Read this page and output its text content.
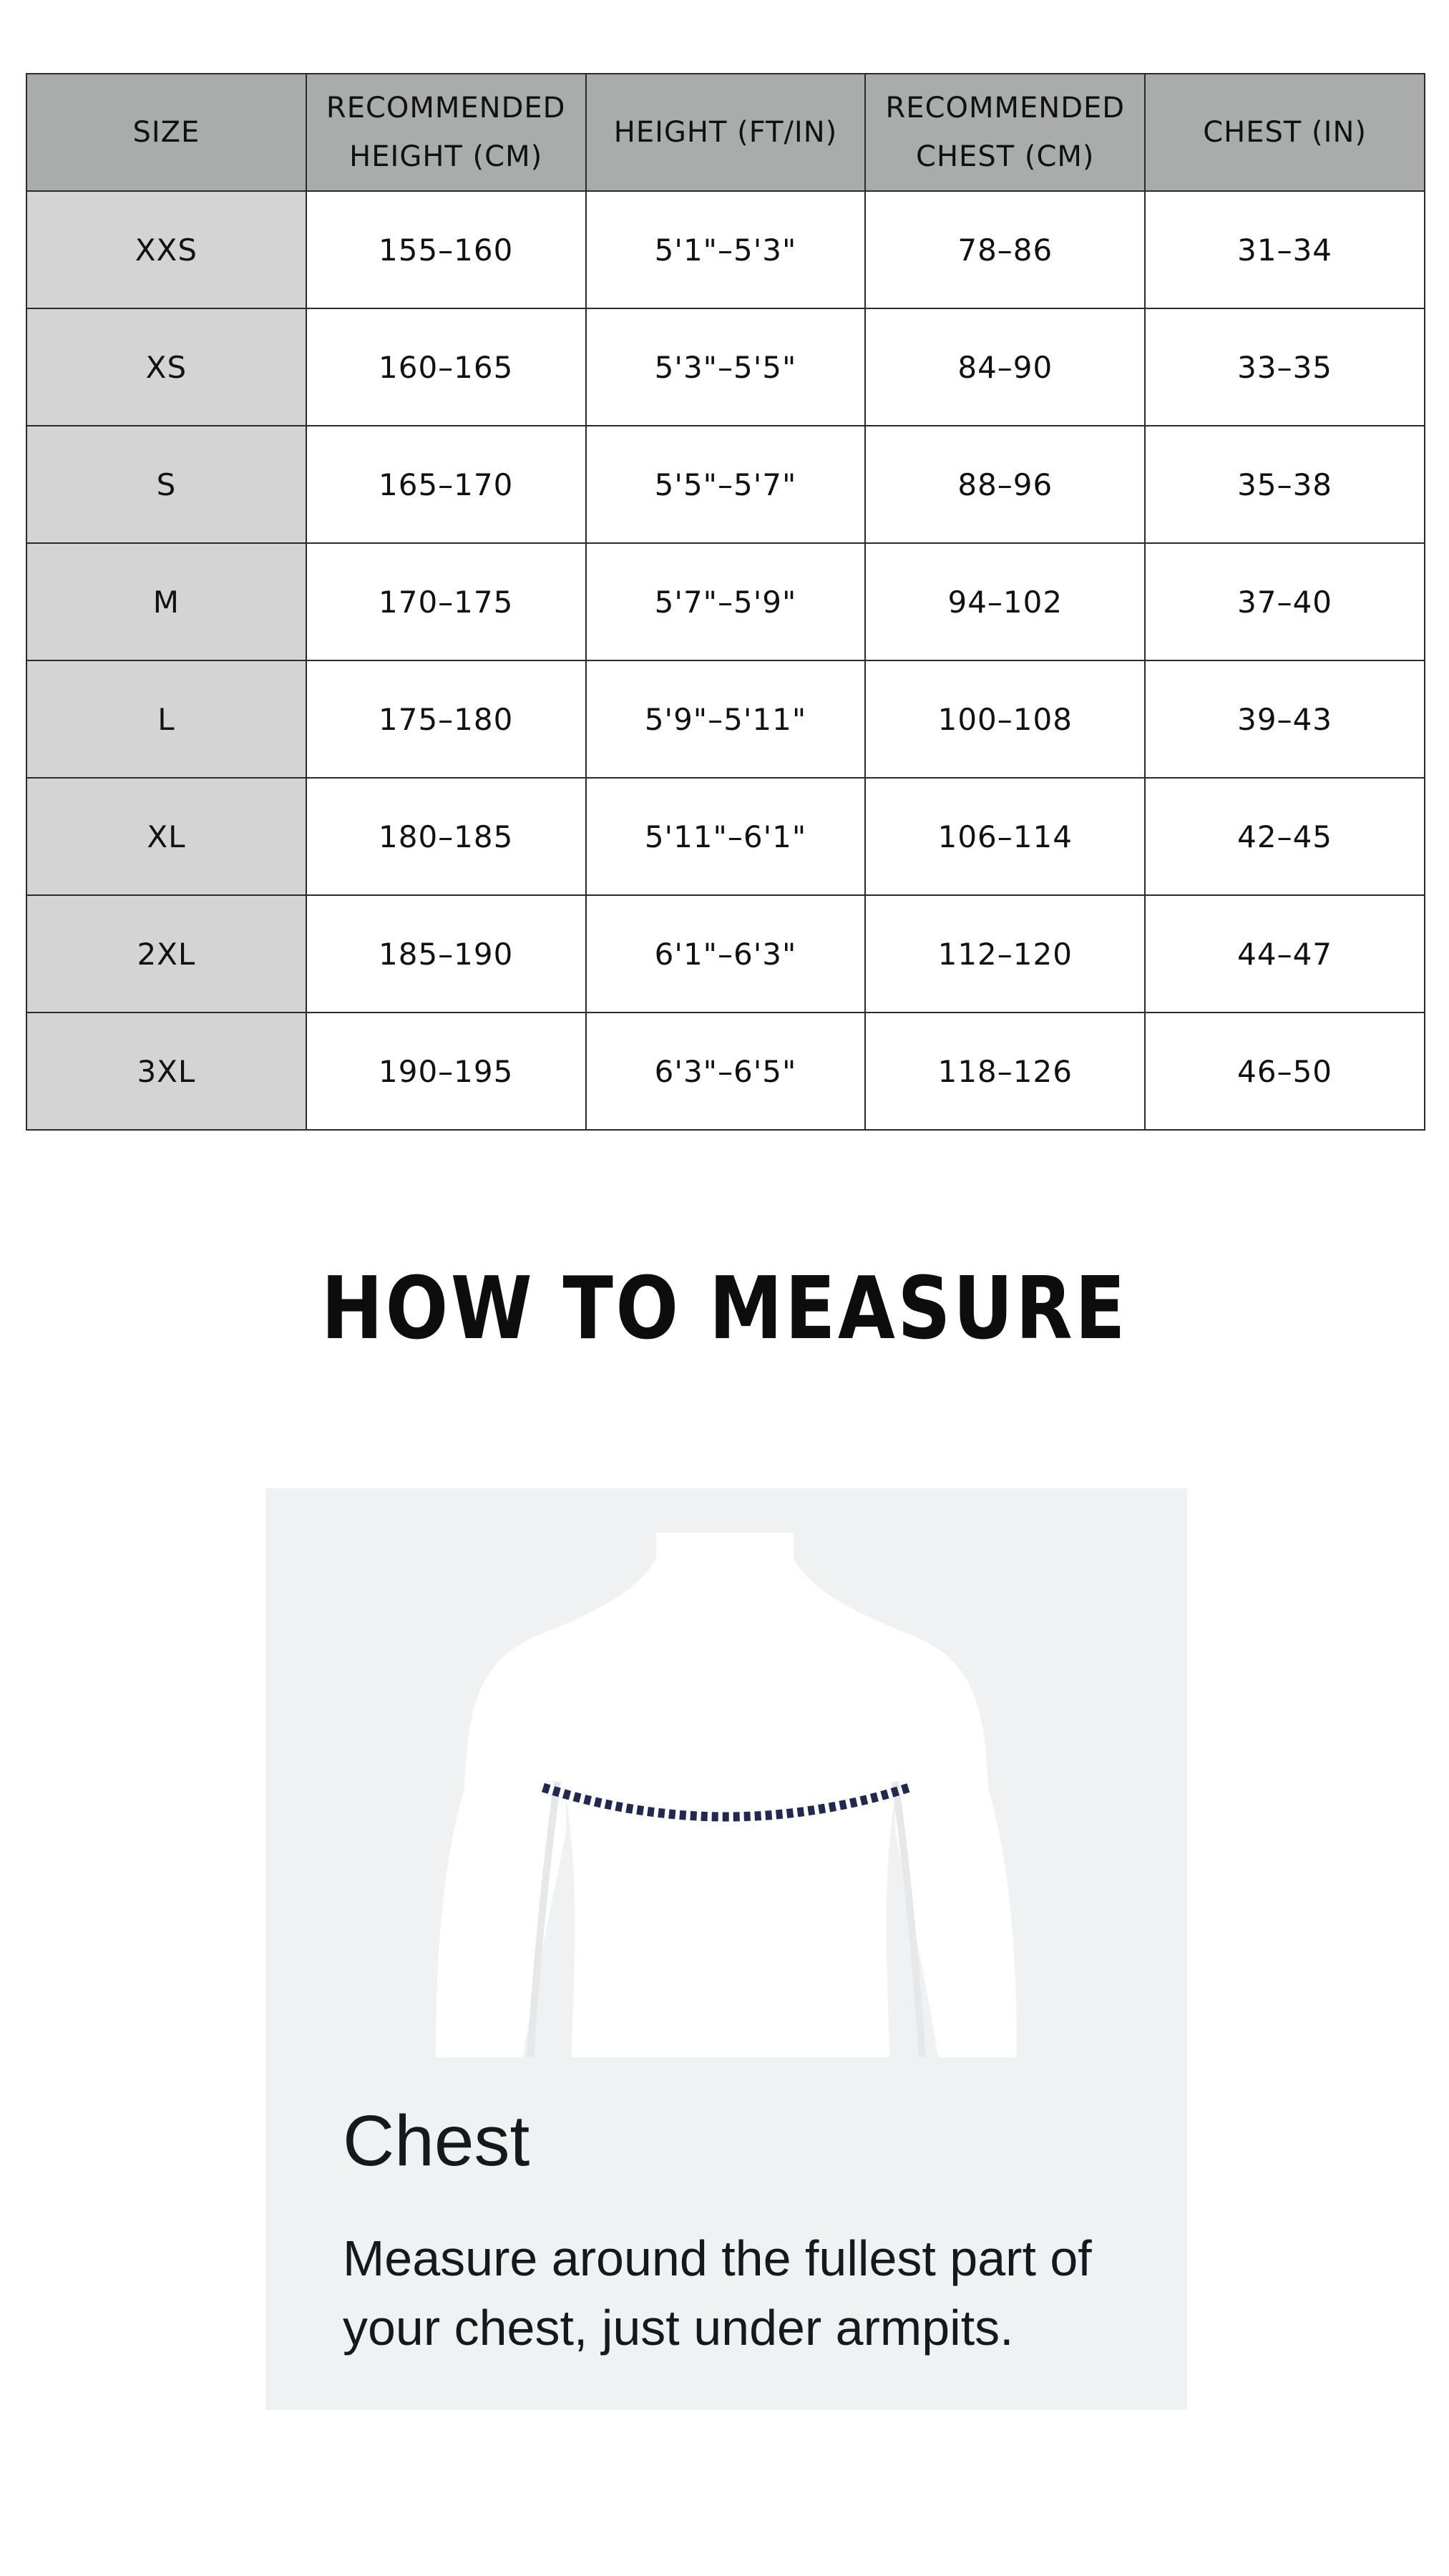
SIZE	RECOMMENDED HEIGHT (CM)	HEIGHT (FT/IN)	RECOMMENDED CHEST (CM)	CHEST (IN)
XXS	155–160	5'1"–5'3"	78–86	31–34
XS	160–165	5'3"–5'5"	84–90	33–35
S	165–170	5'5"–5'7"	88–96	35–38
M	170–175	5'7"–5'9"	94–102	37–40
L	175–180	5'9"–5'11"	100–108	39–43
XL	180–185	5'11"–6'1"	106–114	42–45
2XL	185–190	6'1"–6'3"	112–120	44–47
3XL	190–195	6'3"–6'5"	118–126	46–50
HOW TO MEASURE
Chest

Measure around the fullest part of your chest, just under armpits.
